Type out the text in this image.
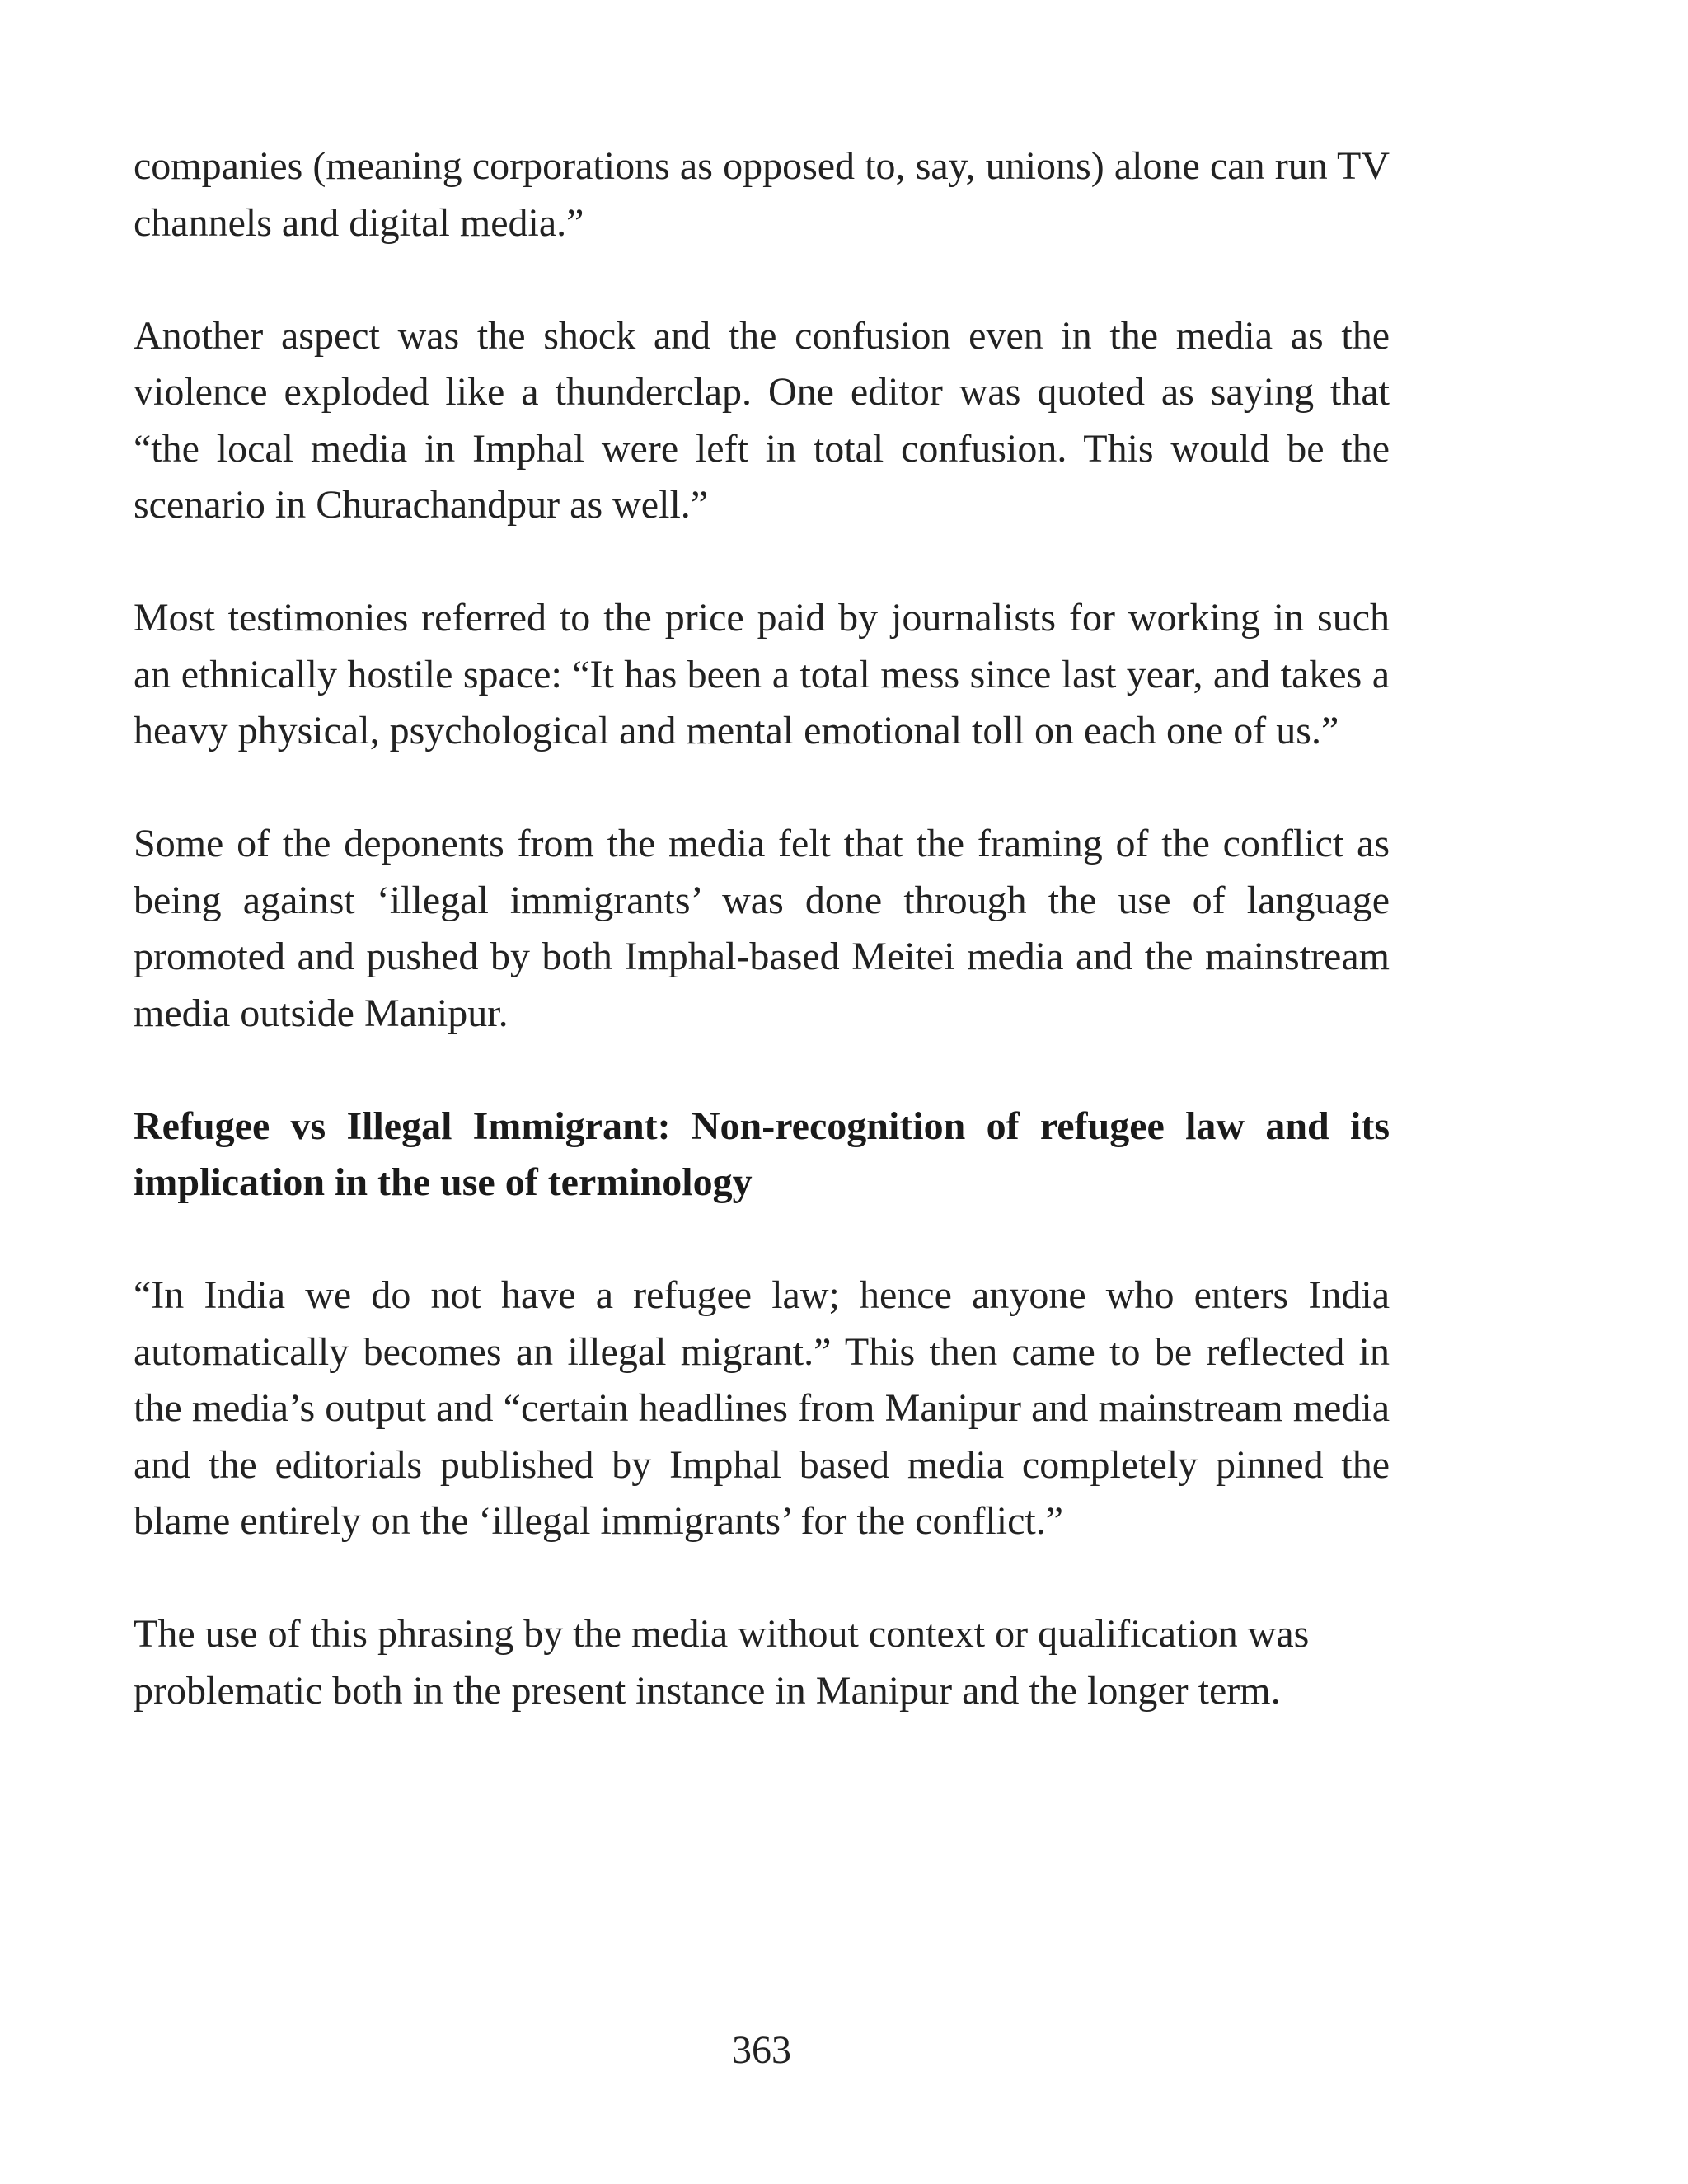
companies (meaning corporations as opposed to, say, unions) alone can run TV channels and digital media.”

Another aspect was the shock and the confusion even in the media as the violence exploded like a thunderclap. One editor was quoted as saying that “the local media in Imphal were left in total confusion. This would be the scenario in Churachandpur as well.”

Most testimonies referred to the price paid by journalists for working in such an ethnically hostile space: “It has been a total mess since last year, and takes a heavy physical, psychological and mental emotional toll on each one of us.”

Some of the deponents from the media felt that the framing of the conflict as being against ‘illegal immigrants’ was done through the use of language promoted and pushed by both Imphal-based Meitei media and the mainstream media outside Manipur.

Refugee vs Illegal Immigrant: Non-recognition of refugee law and its implication in the use of terminology

“In India we do not have a refugee law; hence anyone who enters India automatically becomes an illegal migrant.” This then came to be reflected in the media’s output and “certain headlines from Manipur and mainstream media and the editorials published by Imphal based media completely pinned the blame entirely on the ‘illegal immigrants’ for the conflict.”

The use of this phrasing by the media without context or qualification was problematic both in the present instance in Manipur and the longer term.

363
